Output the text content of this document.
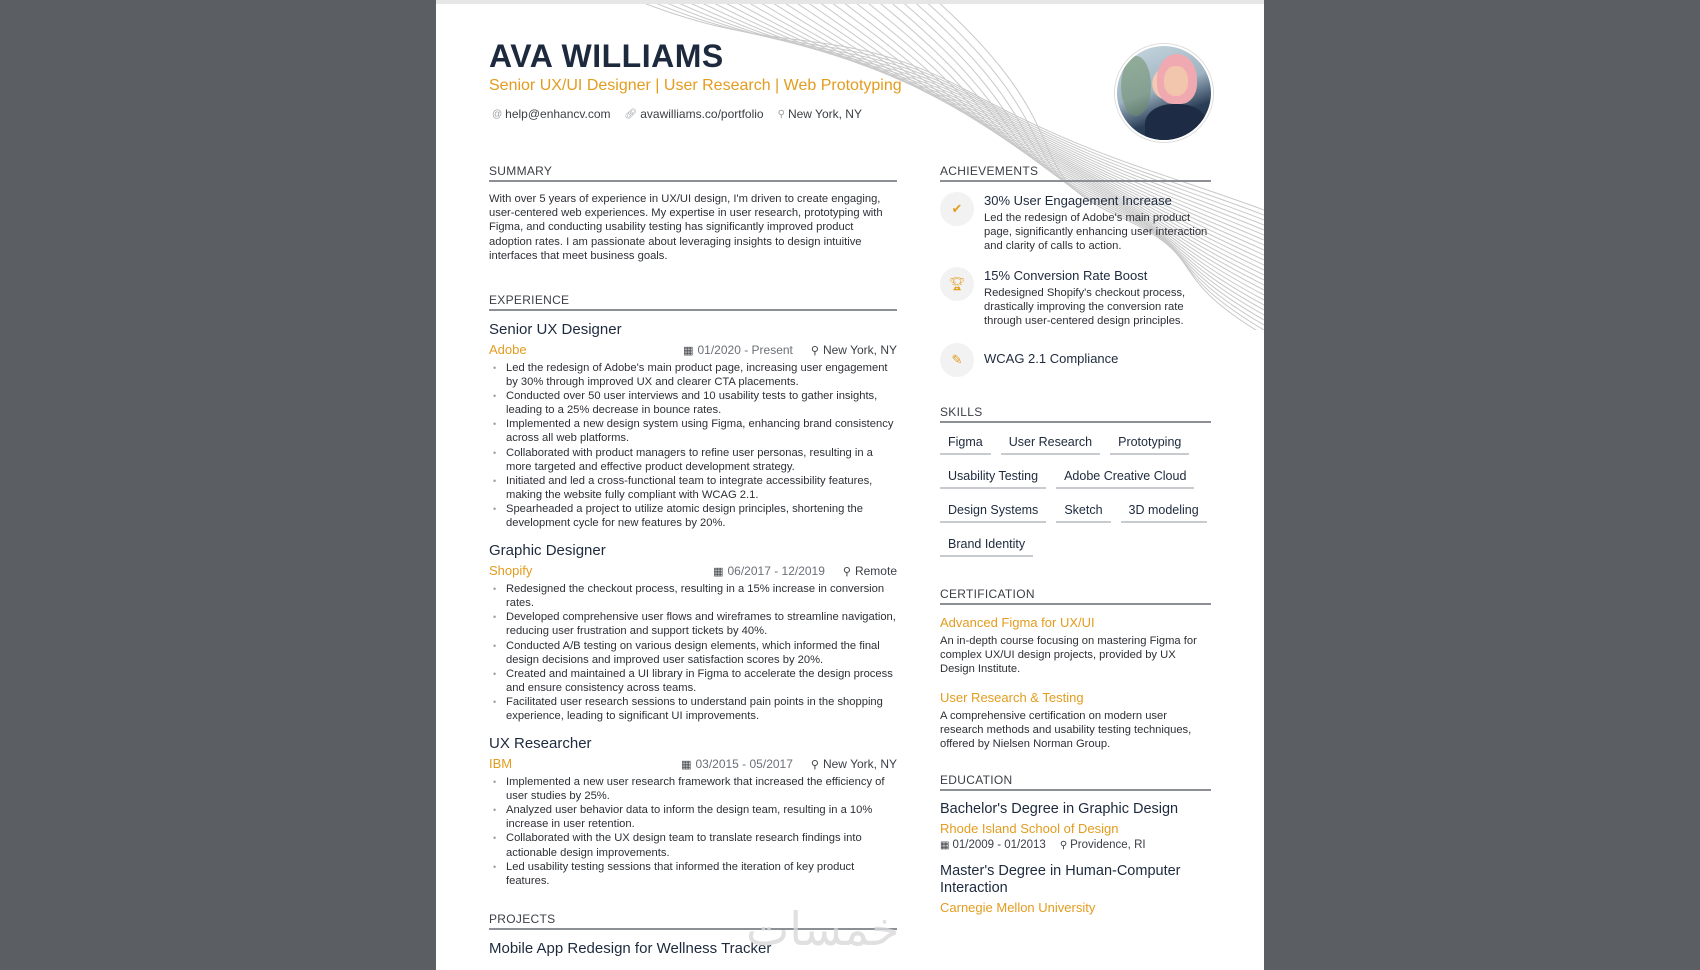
AVA WILLIAMS
Senior UX/UI Designer | User Research | Web Prototyping
@ help@enhancv.com 🔗︎ avawilliams.co/portfolio ⚲ New York, NY
SUMMARY
With over 5 years of experience in UX/UI design, I'm driven to create engaging, user-centered web experiences. My expertise in user research, prototyping with Figma, and conducting usability testing has significantly improved product adoption rates. I am passionate about leveraging insights to design intuitive interfaces that meet business goals.
EXPERIENCE
Senior UX Designer
Adobe	▦ 01/2020 - Present ⚲ New York, NY
• Led the redesign of Adobe's main product page, increasing user engagement by 30% through improved UX and clearer CTA placements.
• Conducted over 50 user interviews and 10 usability tests to gather insights, leading to a 25% decrease in bounce rates.
• Implemented a new design system using Figma, enhancing brand consistency across all web platforms.
• Collaborated with product managers to refine user personas, resulting in a more targeted and effective product development strategy.
• Initiated and led a cross-functional team to integrate accessibility features, making the website fully compliant with WCAG 2.1.
• Spearheaded a project to utilize atomic design principles, shortening the development cycle for new features by 20%.
Graphic Designer
Shopify	▦ 06/2017 - 12/2019 ⚲ Remote
• Redesigned the checkout process, resulting in a 15% increase in conversion rates.
• Developed comprehensive user flows and wireframes to streamline navigation, reducing user frustration and support tickets by 40%.
• Conducted A/B testing on various design elements, which informed the final design decisions and improved user satisfaction scores by 20%.
• Created and maintained a UI library in Figma to accelerate the design process and ensure consistency across teams.
• Facilitated user research sessions to understand pain points in the shopping experience, leading to significant UI improvements.
UX Researcher
IBM	▦ 03/2015 - 05/2017 ⚲ New York, NY
• Implemented a new user research framework that increased the efficiency of user studies by 25%.
• Analyzed user behavior data to inform the design team, resulting in a 10% increase in user retention.
• Collaborated with the UX design team to translate research findings into actionable design improvements.
• Led usability testing sessions that informed the iteration of key product features.
PROJECTS
Mobile App Redesign for Wellness Tracker
ACHIEVEMENTS
✔
30% User Engagement Increase
Led the redesign of Adobe's main product page, significantly enhancing user interaction and clarity of calls to action.
🏆︎
15% Conversion Rate Boost
Redesigned Shopify's checkout process, drastically improving the conversion rate through user-centered design principles.
✎	WCAG 2.1 Compliance
SKILLS
Figma	User Research	Prototyping
Usability Testing	Adobe Creative Cloud
Design Systems	Sketch	3D modeling
Brand Identity
CERTIFICATION
Advanced Figma for UX/UI
An in-depth course focusing on mastering Figma for complex UX/UI design projects, provided by UX Design Institute.
User Research & Testing
A comprehensive certification on modern user research methods and usability testing techniques, offered by Nielsen Norman Group.
EDUCATION
Bachelor's Degree in Graphic Design
Rhode Island School of Design
▦ 01/2009 - 01/2013 ⚲ Providence, RI
Master's Degree in Human-Computer Interaction
Carnegie Mellon University
خمسات
